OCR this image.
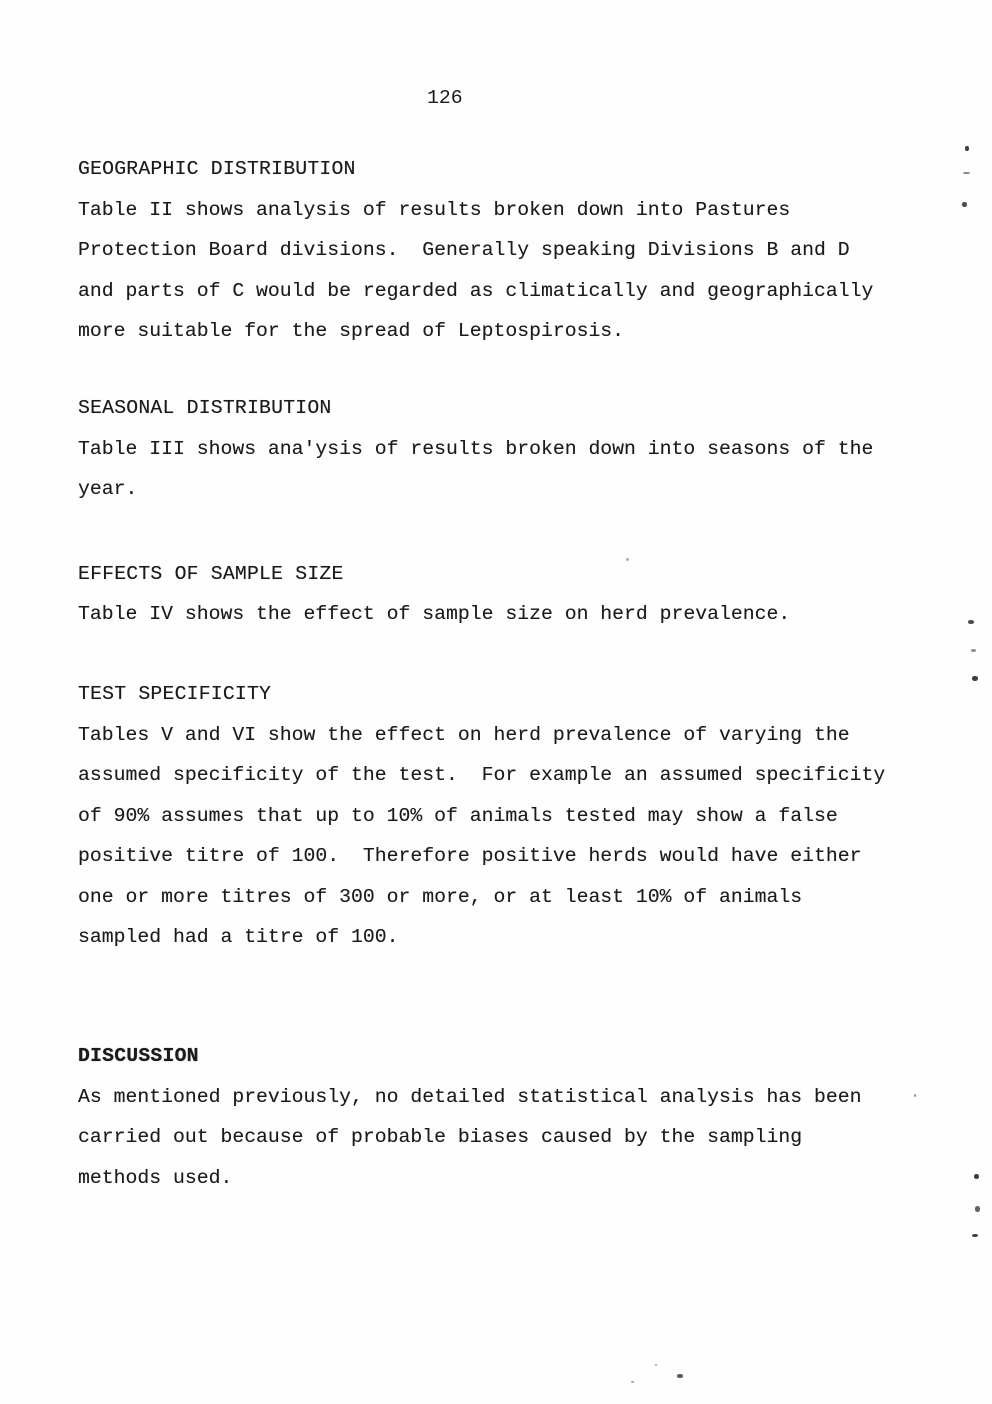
126

GEOGRAPHIC DISTRIBUTION

Table II shows analysis of results broken down into Pastures

Protection Board divisions.  Generally speaking Divisions B and D

and parts of C would be regarded as climatically and geographically

more suitable for the spread of Leptospirosis.

SEASONAL DISTRIBUTION

Table III shows ana'ysis of results broken down into seasons of the

year.

EFFECTS OF SAMPLE SIZE

Table IV shows the effect of sample size on herd prevalence.

TEST SPECIFICITY

Tables V and VI show the effect on herd prevalence of varying the

assumed specificity of the test.  For example an assumed specificity

of 90% assumes that up to 10% of animals tested may show a false

positive titre of 100.  Therefore positive herds would have either

one or more titres of 300 or more, or at least 10% of animals

sampled had a titre of 100.

DISCUSSION

As mentioned previously, no detailed statistical analysis has been

carried out because of probable biases caused by the sampling

methods used.
